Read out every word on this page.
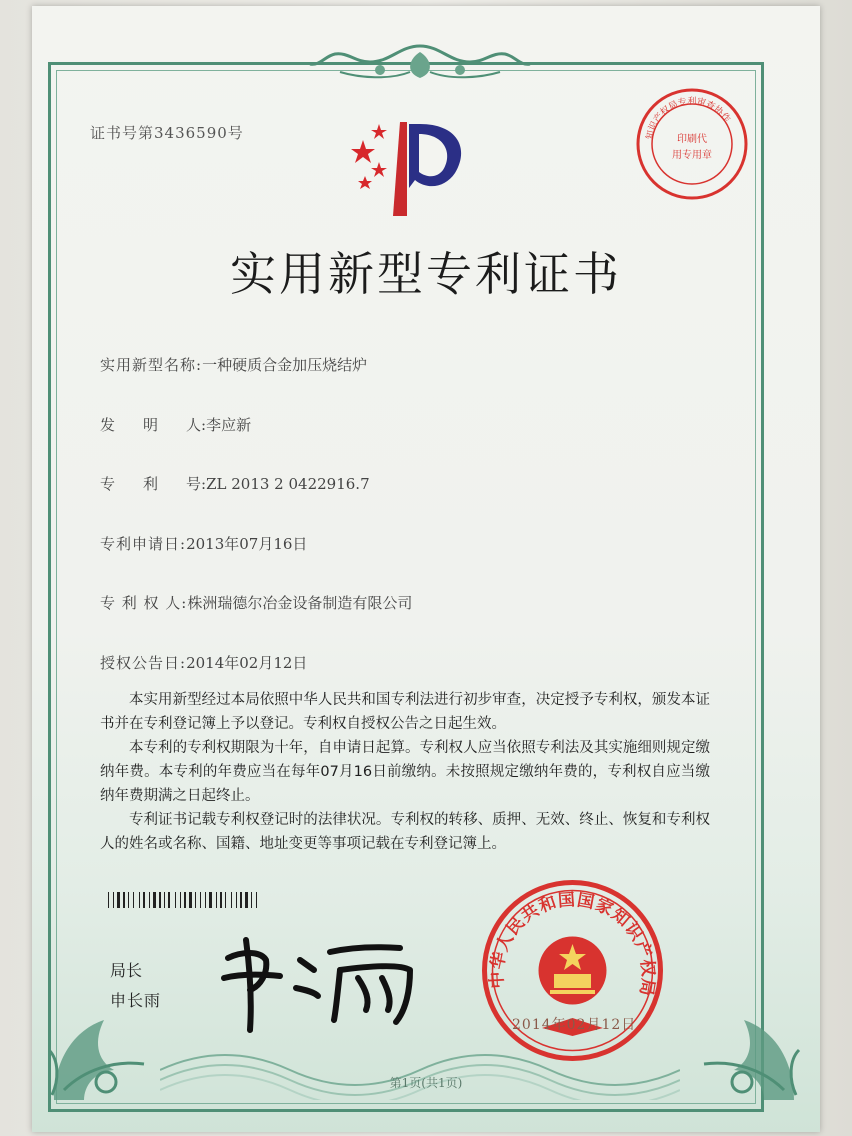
证书号第3436590号	知识产权局专利审查协作
印刷代
用专用章
实用新型专利证书
实用新型名称:一种硬质合金加压烧结炉
发 明 人:李应新
专 利 号:ZL 2013 2 0422916.7
专利申请日:2013年07月16日
专 利 权 人:株洲瑞德尔冶金设备制造有限公司
授权公告日:2014年02月12日

本实用新型经过本局依照中华人民共和国专利法进行初步审查，决定授予专利权，颁发本证书并在专利登记簿上予以登记。专利权自授权公告之日起生效。

本专利的专利权期限为十年，自申请日起算。专利权人应当依照专利法及其实施细则规定缴纳年费。本专利的年费应当在每年07月16日前缴纳。未按照规定缴纳年费的，专利权自应当缴纳年费期满之日起终止。

专利证书记载专利权登记时的法律状况。专利权的转移、质押、无效、终止、恢复和专利权人的姓名或名称、国籍、地址变更等事项记载在专利登记簿上。

局长
申长雨
中华人民共和国国家知识产权局
2014年02月12日
第1页(共1页)
